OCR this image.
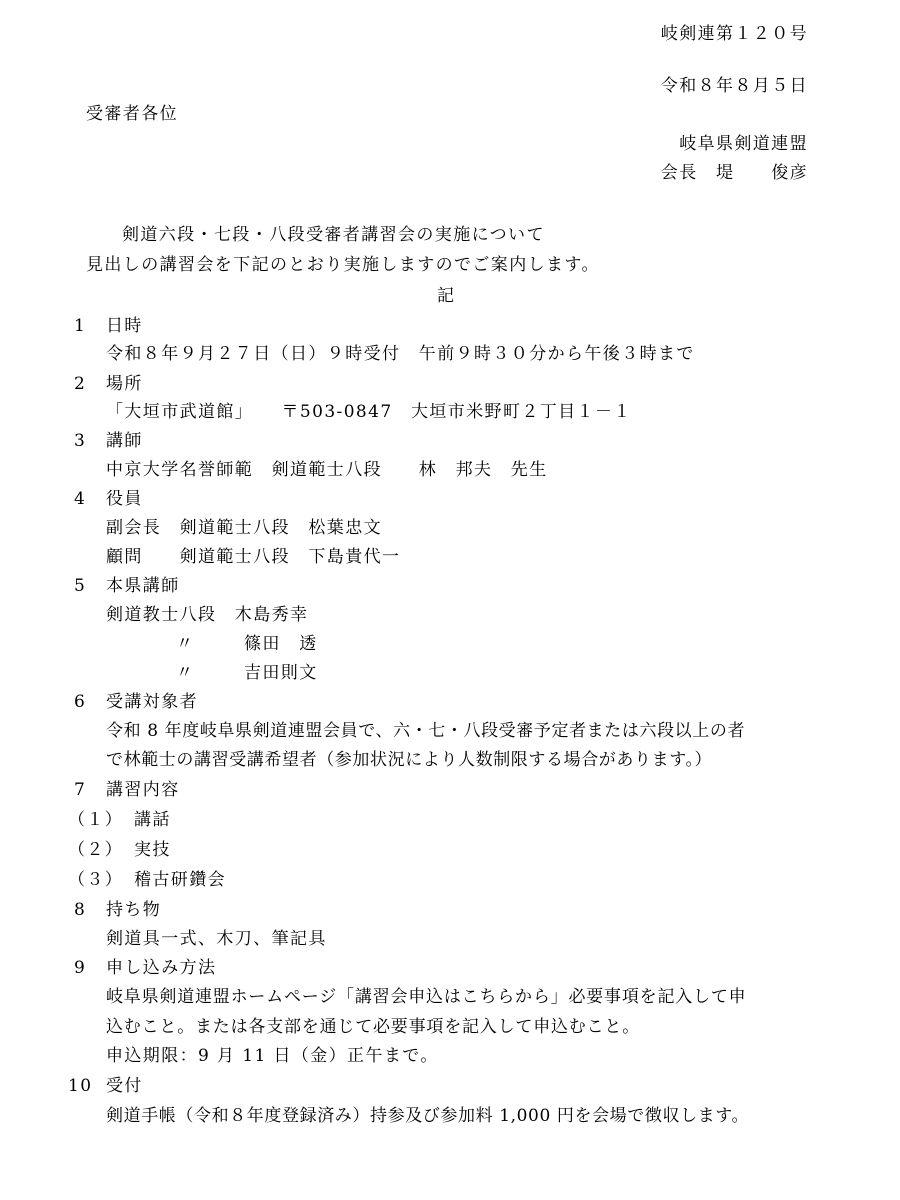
岐剣連第１２０号
令和８年８月５日
受審者各位
岐阜県剣道連盟
会長　堤　　俊彦
剣道六段・七段・八段受審者講習会の実施について
見出しの講習会を下記のとおり実施しますのでご案内します。
記
1 日時
令和８年９月２７日（日）９時受付　午前９時３０分から午後３時まで
2 場所
「大垣市武道館」　　〒503-0847　大垣市米野町２丁目１－１
3 講師
中京大学名誉師範　剣道範士八段　　林　邦夫　先生
4 役員
副会長　剣道範士八段　松葉忠文
顧問　　剣道範士八段　下島貴代一
5 本県講師
剣道教士八段　木島秀幸
〃	篠田　透
〃	吉田則文
6 受講対象者
令和 8 年度岐阜県剣道連盟会員で、六・七・八段受審予定者または六段以上の者
で林範士の講習受講希望者（参加状況により人数制限する場合があります。）
7 講習内容
（１） 講話
（２） 実技
（３） 稽古研鑽会
8 持ち物
剣道具一式、木刀、筆記具
9 申し込み方法
岐阜県剣道連盟ホームページ「講習会申込はこちらから」必要事項を記入して申
込むこと。または各支部を通じて必要事項を記入して申込むこと。
申込期限：9 月 11 日（金）正午まで。
10 受付
剣道手帳（令和８年度登録済み）持参及び参加料 1,000 円を会場で徴収します。
